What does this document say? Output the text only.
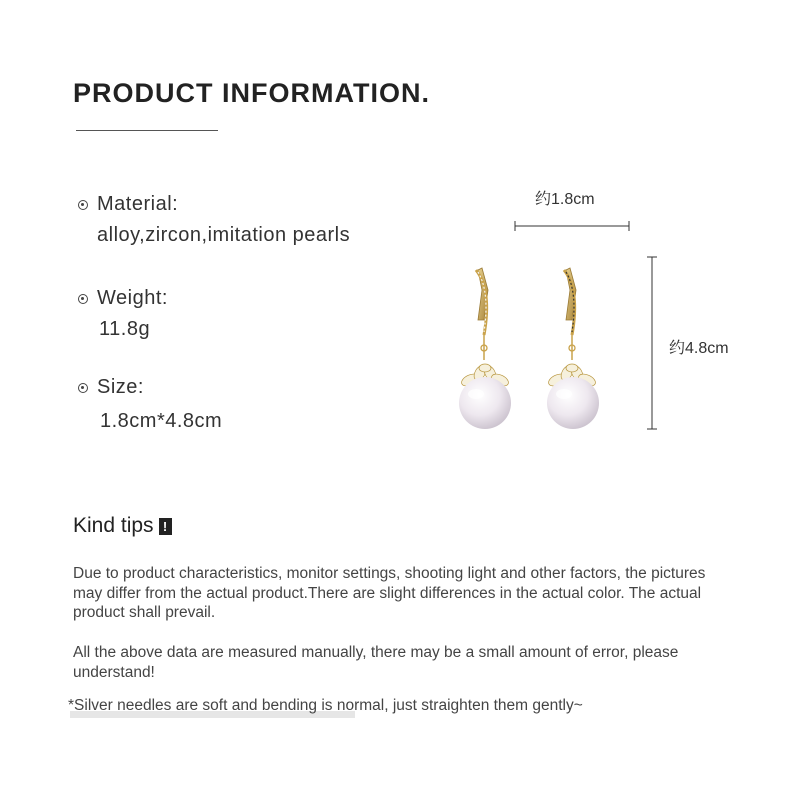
PRODUCT INFORMATION.
Material:
alloy,zircon,imitation pearls
Weight:
11.8g
Size:
1.8cm*4.8cm
约1.8cm
约4.8cm
Kind tips !

Due to product characteristics, monitor settings, shooting light and other factors, the pictures may differ from the actual product.There are slight differences in the actual color. The actual product shall prevail.

All the above data are measured manually, there may be a small amount of error, please understand!

*Silver needles are soft and bending is normal, just straighten them gently~
